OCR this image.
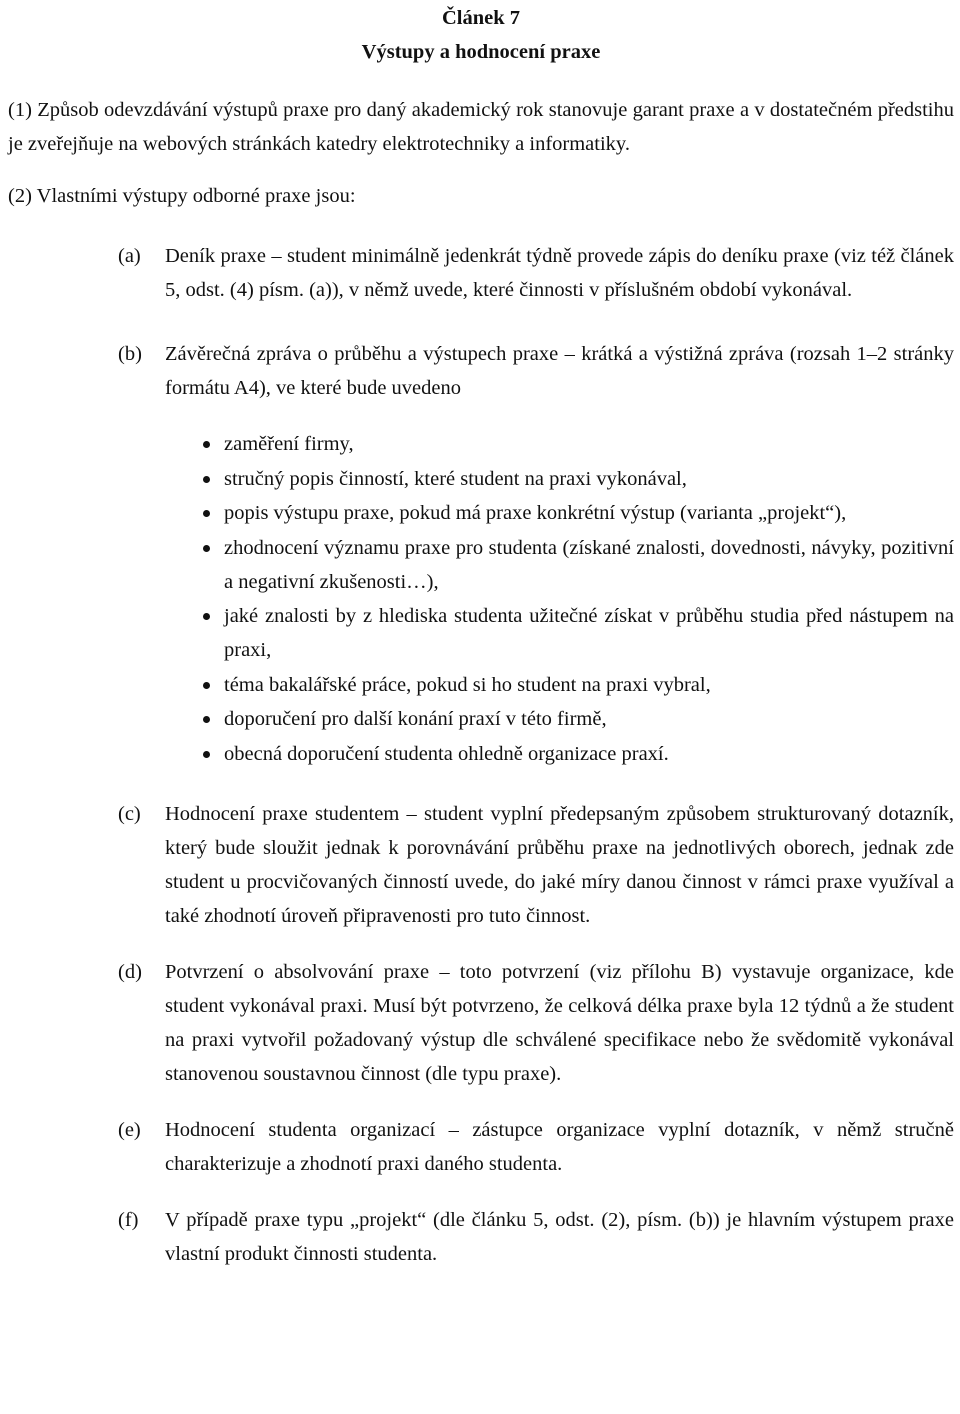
Článek 7
Výstupy a hodnocení praxe

(1) Způsob odevzdávání výstupů praxe pro daný akademický rok stanovuje garant praxe a v dostatečném předstihu je zveřejňuje na webových stránkách katedry elektrotechniky a informatiky.

(2) Vlastními výstupy odborné praxe jsou:

(a) Deník praxe – student minimálně jedenkrát týdně provede zápis do deníku praxe (viz též článek 5, odst. (4) písm. (a)), v němž uvede, které činnosti v příslušném období vykonával.
(b) Závěrečná zpráva o průběhu a výstupech praxe – krátká a výstižná zpráva (rozsah 1–2 stránky formátu A4), ve které bude uvedeno
zaměření firmy,
stručný popis činností, které student na praxi vykonával,
popis výstupu praxe, pokud má praxe konkrétní výstup (varianta „projekt“),
zhodnocení významu praxe pro studenta (získané znalosti, dovednosti, návyky, pozitivní a negativní zkušenosti…),
jaké znalosti by z hlediska studenta užitečné získat v průběhu studia před nástupem na praxi,
téma bakalářské práce, pokud si ho student na praxi vybral,
doporučení pro další konání praxí v této firmě,
obecná doporučení studenta ohledně organizace praxí.
(c) Hodnocení praxe studentem – student vyplní předepsaným způsobem strukturovaný dotazník, který bude sloužit jednak k porovnávání průběhu praxe na jednotlivých oborech, jednak zde student u procvičovaných činností uvede, do jaké míry danou činnost v rámci praxe využíval a také zhodnotí úroveň připravenosti pro tuto činnost.
(d) Potvrzení o absolvování praxe – toto potvrzení (viz přílohu B) vystavuje organizace, kde student vykonával praxi. Musí být potvrzeno, že celková délka praxe byla 12 týdnů a že student na praxi vytvořil požadovaný výstup dle schválené specifikace nebo že svědomitě vykonával stanovenou soustavnou činnost (dle typu praxe).
(e) Hodnocení studenta organizací – zástupce organizace vyplní dotazník, v němž stručně charakterizuje a zhodnotí praxi daného studenta.
(f) V případě praxe typu „projekt“ (dle článku 5, odst. (2), písm. (b)) je hlavním výstupem praxe vlastní produkt činnosti studenta.
